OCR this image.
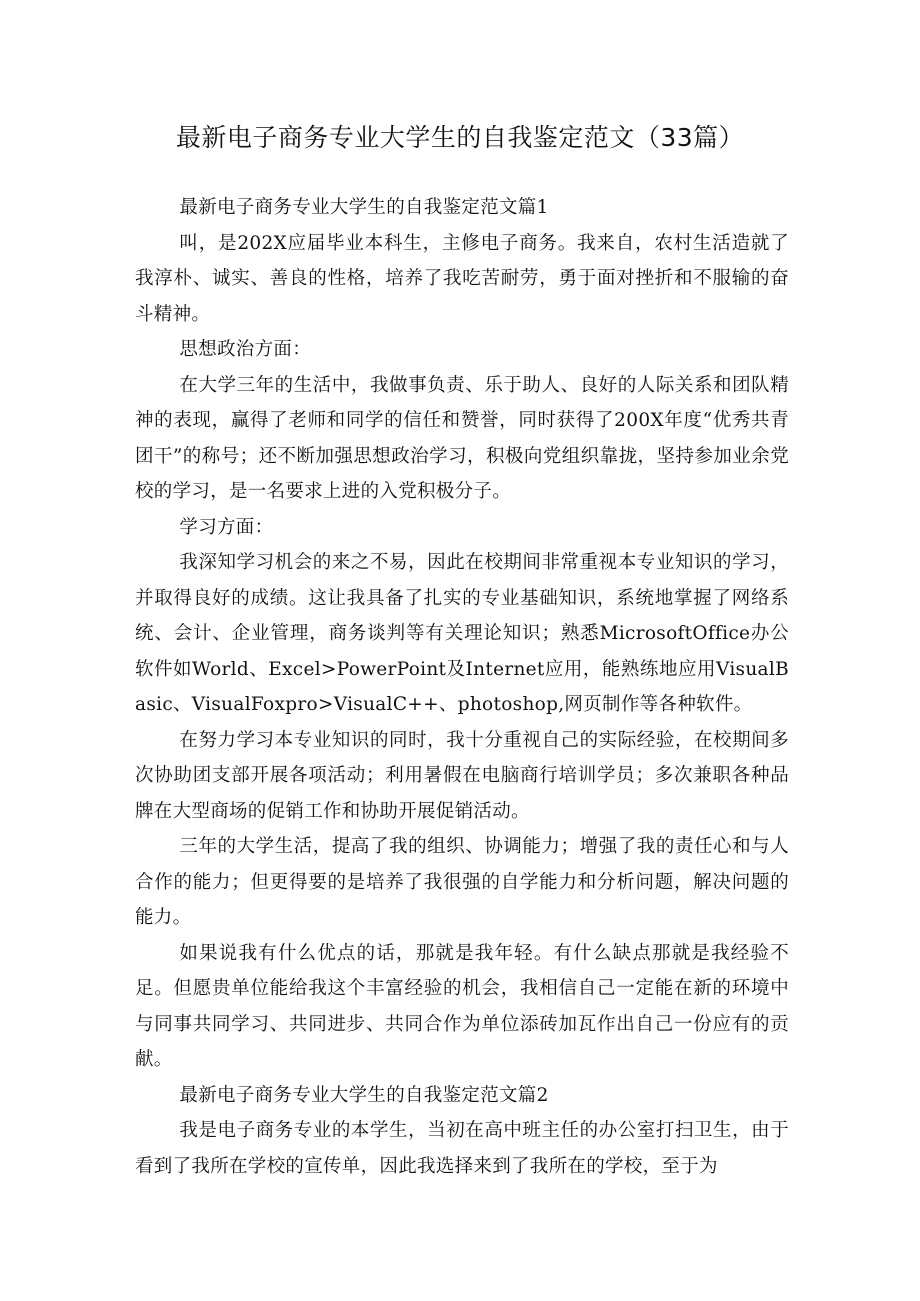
最新电子商务专业大学生的自我鉴定范文（33篇）

最新电子商务专业大学生的自我鉴定范文篇1

叫，是202X应届毕业本科生，主修电子商务。我来自，农村生活造就了我淳朴、诚实、善良的性格，培养了我吃苦耐劳，勇于面对挫折和不服输的奋斗精神。

思想政治方面：

在大学三年的生活中，我做事负责、乐于助人、良好的人际关系和团队精神的表现，赢得了老师和同学的信任和赞誉，同时获得了200X年度“优秀共青团干”的称号；还不断加强思想政治学习，积极向党组织靠拢，坚持参加业余党校的学习，是一名要求上进的入党积极分子。

学习方面：

我深知学习机会的来之不易，因此在校期间非常重视本专业知识的学习，并取得良好的成绩。这让我具备了扎实的专业基础知识，系统地掌握了网络系统、会计、企业管理，商务谈判等有关理论知识；熟悉MicrosoftOffice办公软件如World、Excel>PowerPoint及Internet应用，能熟练地应用VisualBasic、VisualFoxpro>VisualC++、photoshop,网页制作等各种软件。

在努力学习本专业知识的同时，我十分重视自己的实际经验，在校期间多次协助团支部开展各项活动；利用暑假在电脑商行培训学员；多次兼职各种品牌在大型商场的促销工作和协助开展促销活动。

三年的大学生活，提高了我的组织、协调能力；增强了我的责任心和与人合作的能力；但更得要的是培养了我很强的自学能力和分析问题，解决问题的能力。

如果说我有什么优点的话，那就是我年轻。有什么缺点那就是我经验不足。但愿贵单位能给我这个丰富经验的机会，我相信自己一定能在新的环境中与同事共同学习、共同进步、共同合作为单位添砖加瓦作出自己一份应有的贡献。

最新电子商务专业大学生的自我鉴定范文篇2

我是电子商务专业的本学生，当初在高中班主任的办公室打扫卫生，由于看到了我所在学校的宣传单，因此我选择来到了我所在的学校，至于为
